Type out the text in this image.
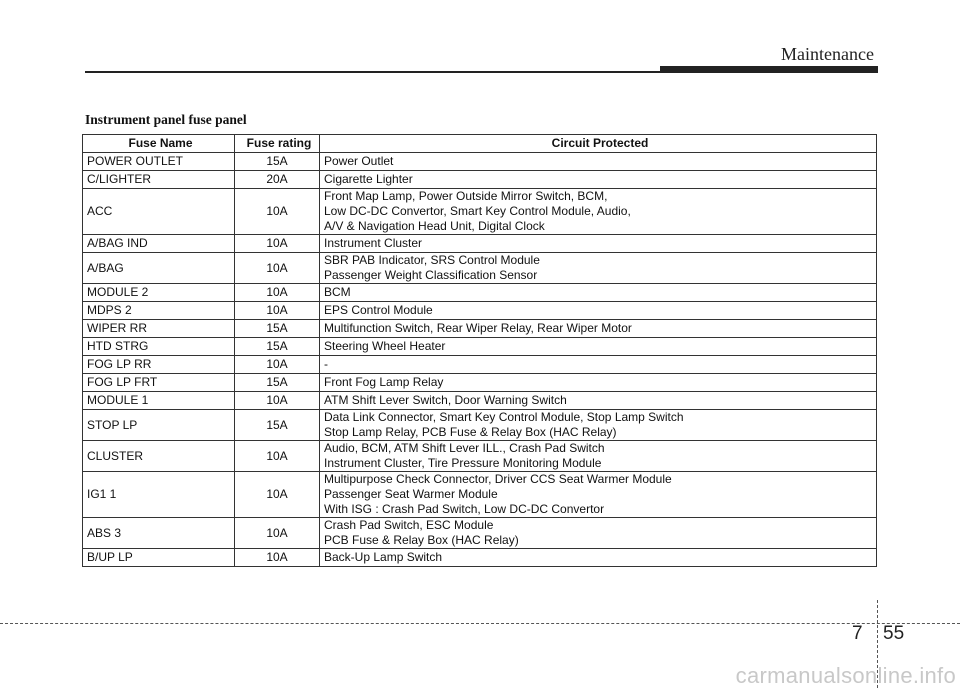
Maintenance
Instrument panel fuse panel
Fuse Name	Fuse rating	Circuit Protected
POWER OUTLET	15A	Power Outlet

C/LIGHTER	20A	Cigarette Lighter

ACC	10A	Front Map Lamp, Power Outside Mirror Switch, BCM,
Low DC-DC Convertor, Smart Key Control Module, Audio,
A/V & Navigation Head Unit, Digital Clock

A/BAG IND	10A	Instrument Cluster

A/BAG	10A	SBR PAB Indicator, SRS Control Module
Passenger Weight Classification Sensor

MODULE 2	10A	BCM

MDPS 2	10A	EPS Control Module

WIPER RR	15A	Multifunction Switch, Rear Wiper Relay, Rear Wiper Motor

HTD STRG	15A	Steering Wheel Heater

FOG LP RR	10A	-

FOG LP FRT	15A	Front Fog Lamp Relay

MODULE 1	10A	ATM Shift Lever Switch, Door Warning Switch

STOP LP	15A	Data Link Connector, Smart Key Control Module, Stop Lamp Switch
Stop Lamp Relay, PCB Fuse & Relay Box (HAC Relay)

CLUSTER	10A	Audio, BCM, ATM Shift Lever ILL., Crash Pad Switch
Instrument Cluster, Tire Pressure Monitoring Module

IG1 1	10A	Multipurpose Check Connector, Driver CCS Seat Warmer Module
Passenger Seat Warmer Module
With ISG : Crash Pad Switch, Low DC-DC Convertor

ABS 3	10A	Crash Pad Switch, ESC Module
PCB Fuse & Relay Box (HAC Relay)

B/UP LP	10A	Back-Up Lamp Switch
7 55
carmanualsonline.info
